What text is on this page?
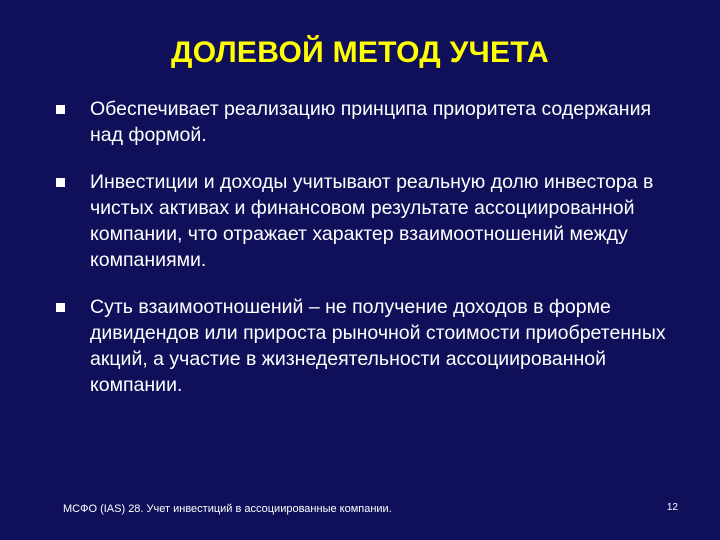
ДОЛЕВОЙ МЕТОД УЧЕТА
Обеспечивает реализацию принципа приоритета содержания над формой.
Инвестиции и доходы учитывают реальную долю инвестора в чистых активах и финансовом результате ассоциированной компании, что отражает характер взаимоотношений между компаниями.
Суть взаимоотношений – не получение доходов в форме дивидендов или прироста рыночной стоимости приобретенных акций, а участие в жизнедеятельности ассоциированной компании.
МСФО (IAS) 28. Учет инвестиций в ассоциированные компании.	12
